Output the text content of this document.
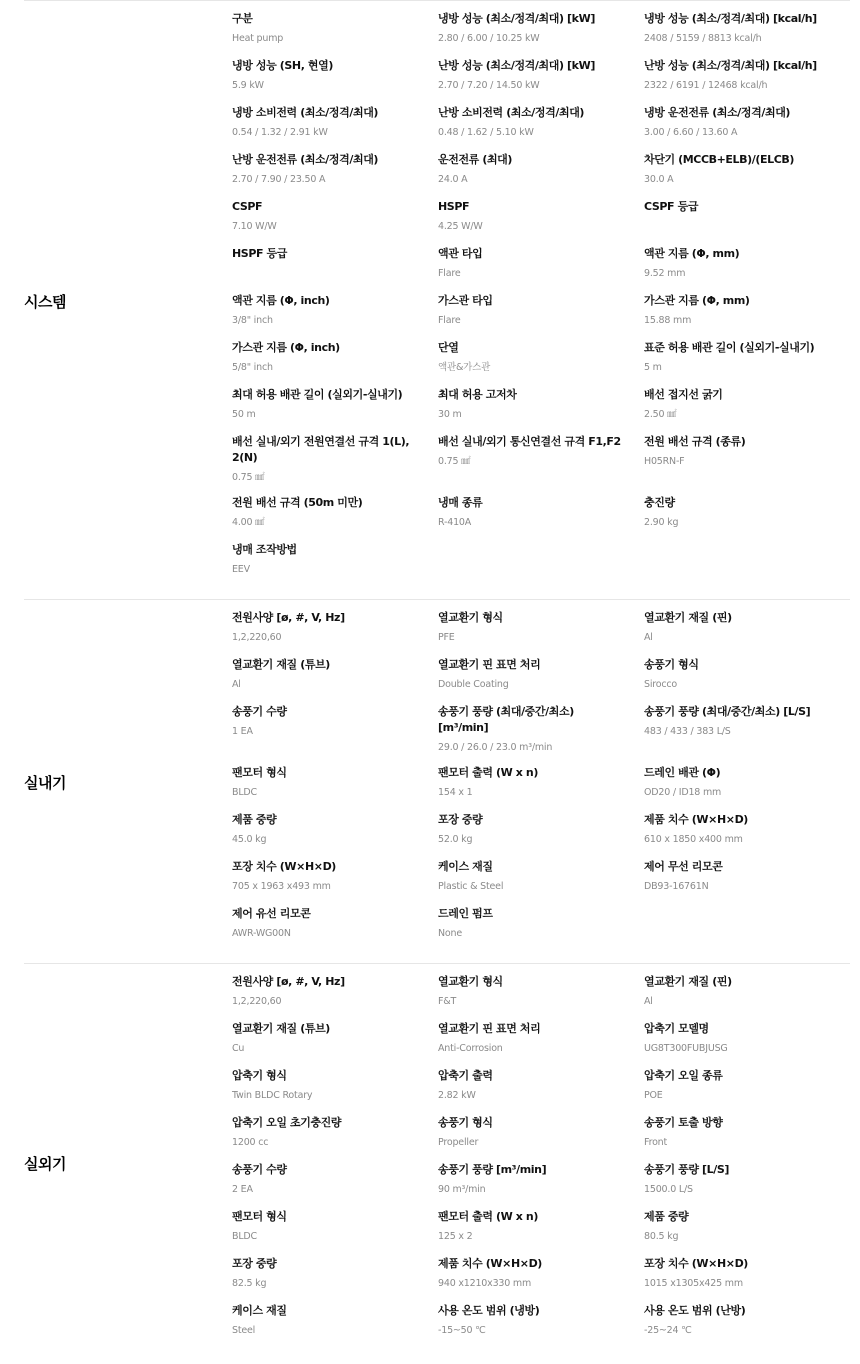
시스템
구분
Heat pump
냉방 성능 (최소/정격/최대) [kW]
2.80 / 6.00 / 10.25 kW
냉방 성능 (최소/정격/최대) [kcal/h]
2408 / 5159 / 8813 kcal/h
냉방 성능 (SH, 현열)
5.9 kW
난방 성능 (최소/정격/최대) [kW]
2.70 / 7.20 / 14.50 kW
난방 성능 (최소/정격/최대) [kcal/h]
2322 / 6191 / 12468 kcal/h
냉방 소비전력 (최소/정격/최대)
0.54 / 1.32 / 2.91 kW
난방 소비전력 (최소/정격/최대)
0.48 / 1.62 / 5.10 kW
냉방 운전전류 (최소/정격/최대)
3.00 / 6.60 / 13.60 A
난방 운전전류 (최소/정격/최대)
2.70 / 7.90 / 23.50 A
운전전류 (최대)
24.0 A
차단기 (MCCB+ELB)/(ELCB)
30.0 A
CSPF
7.10 W/W
HSPF
4.25 W/W
CSPF 등급
HSPF 등급	액관 타입
Flare
액관 지름 (Φ, mm)
9.52 mm
액관 지름 (Φ, inch)
3/8" inch
가스관 타입
Flare
가스관 지름 (Φ, mm)
15.88 mm
가스관 지름 (Φ, inch)
5/8" inch
단열
액관&가스관
표준 허용 배관 길이 (실외기-실내기)
5 m
최대 허용 배관 길이 (실외기-실내기)
50 m
최대 허용 고저차
30 m
배선 접지선 굵기
2.50 ㎟
배선 실내/외기 전원연결선 규격 1(L), 2(N)
0.75 ㎟
배선 실내/외기 통신연결선 규격 F1,F2
0.75 ㎟
전원 배선 규격 (종류)
H05RN-F
전원 배선 규격 (50m 미만)
4.00 ㎟
냉매 종류
R-410A
충진량
2.90 kg
냉매 조작방법
EEV
실내기
전원사양 [ø, #, V, Hz]
1,2,220,60
열교환기 형식
PFE
열교환기 재질 (핀)
Al
열교환기 재질 (튜브)
Al
열교환기 핀 표면 처리
Double Coating
송풍기 형식
Sirocco
송풍기 수량
1 EA
송풍기 풍량 (최대/중간/최소) [m³/min]
29.0 / 26.0 / 23.0 m³/min
송풍기 풍량 (최대/중간/최소) [L/S]
483 / 433 / 383 L/S
팬모터 형식
BLDC
팬모터 출력 (W x n)
154 x 1
드레인 배관 (Φ)
OD20 / ID18 mm
제품 중량
45.0 kg
포장 중량
52.0 kg
제품 치수 (W×H×D)
610 x 1850 x400 mm
포장 치수 (W×H×D)
705 x 1963 x493 mm
케이스 재질
Plastic & Steel
제어 무선 리모콘
DB93-16761N
제어 유선 리모콘
AWR-WG00N
드레인 펌프
None
실외기
전원사양 [ø, #, V, Hz]
1,2,220,60
열교환기 형식
F&T
열교환기 재질 (핀)
Al
열교환기 재질 (튜브)
Cu
열교환기 핀 표면 처리
Anti-Corrosion
압축기 모델명
UG8T300FUBJUSG
압축기 형식
Twin BLDC Rotary
압축기 출력
2.82 kW
압축기 오일 종류
POE
압축기 오일 초기충진량
1200 cc
송풍기 형식
Propeller
송풍기 토출 방향
Front
송풍기 수량
2 EA
송풍기 풍량 [m³/min]
90 m³/min
송풍기 풍량 [L/S]
1500.0 L/S
팬모터 형식
BLDC
팬모터 출력 (W x n)
125 x 2
제품 중량
80.5 kg
포장 중량
82.5 kg
제품 치수 (W×H×D)
940 x1210x330 mm
포장 치수 (W×H×D)
1015 x1305x425 mm
케이스 재질
Steel
사용 온도 범위 (냉방)
-15~50 ℃
사용 온도 범위 (난방)
-25~24 ℃
